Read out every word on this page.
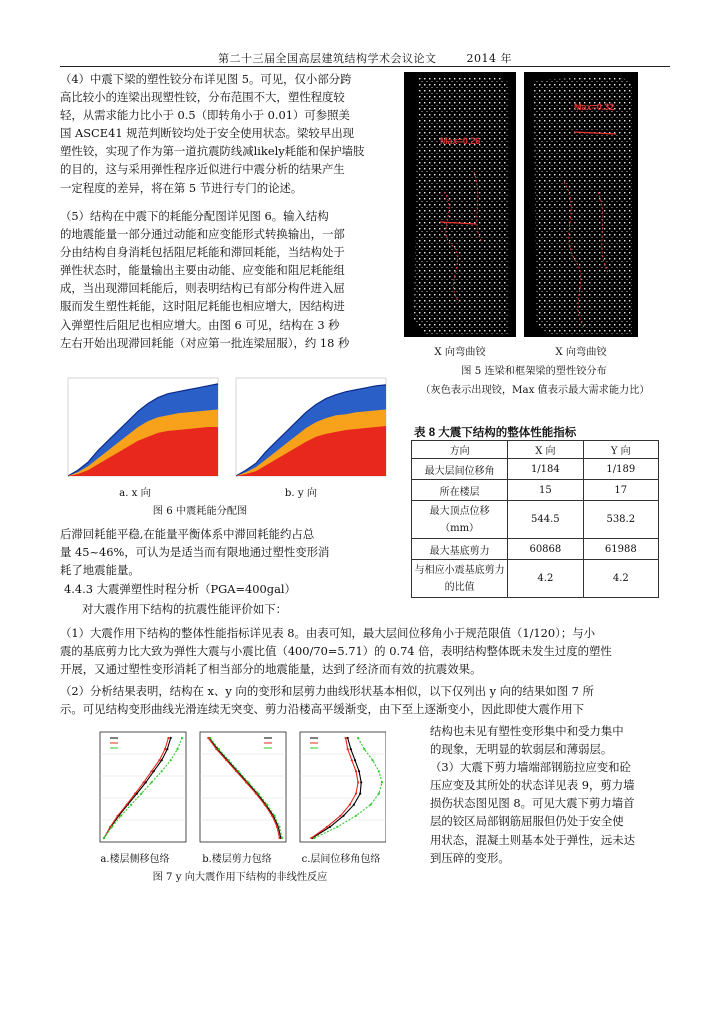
第二十三届全国高层建筑结构学术会议论文	2014 年
（4）中震下梁的塑性铰分布详见图 5。可见，仅小部分跨
高比较小的连梁出现塑性铰，分布范围不大，塑性程度较
轻，从需求能力比小于 0.5（即转角小于 0.01）可参照美
国 ASCE41 规范判断铰均处于安全使用状态。梁较早出现
塑性铰，实现了作为第一道抗震防线减likely耗能和保护墙肢
的目的，这与采用弹性程序近似进行中震分析的结果产生
一定程度的差异，将在第 5 节进行专门的论述。
（5）结构在中震下的耗能分配图详见图 6。输入结构
的地震能量一部分通过动能和应变能形式转换输出，一部
分由结构自身消耗包括阻尼耗能和滞回耗能，当结构处于
弹性状态时，能量输出主要由动能、应变能和阻尼耗能组
成，当出现滞回耗能后，则表明结构已有部分构件进入屈
服而发生塑性耗能，这时阻尼耗能也相应增大，因结构进
入弹塑性后阻尼也相应增大。由图 6 可见，结构在 3 秒
左右开始出现滞回耗能（对应第一批连梁屈服），约 18 秒
Max=0.26
Max=0.32
X 向弯曲铰	X 向弯曲铰
图 5 连梁和框架梁的塑性铰分布
（灰色表示出现铰，Max 值表示最大需求能力比）
a. x 向	b. y 向
图 6 中震耗能分配图
后滞回耗能平稳,在能量平衡体系中滞回耗能约占总
量 45~46%，可认为是适当而有限地通过塑性变形消
耗了地震能量。
4.4.3 大震弹塑性时程分析（PGA=400gal）
对大震作用下结构的抗震性能评价如下：
表 8 大震下结构的整体性能指标
方向	X 向	Y 向
最大层间位移角	1/184	1/189
所在楼层	15	17
最大顶点位移（mm）	544.5	538.2
最大基底剪力	60868	61988
与相应小震基底剪力的比值	4.2	4.2
（1）大震作用下结构的整体性能指标详见表 8。由表可知，最大层间位移角小于规范限值（1/120）；与小
震的基底剪力比大致为弹性大震与小震比值（400/70=5.71）的 0.74 倍，表明结构整体既未发生过度的塑性
开展，又通过塑性变形消耗了相当部分的地震能量，达到了经济而有效的抗震效果。
（2）分析结果表明，结构在 x、y 向的变形和层剪力曲线形状基本相似，以下仅列出 y 向的结果如图 7 所
示。可见结构变形曲线光滑连续无突变、剪力沿楼高平缓渐变，由下至上逐渐变小，因此即使大震作用下
a.楼层侧移包络	b.楼层剪力包络	c.层间位移角包络
图 7 y 向大震作用下结构的非线性反应
结构也未见有塑性变形集中和受力集中
的现象，无明显的软弱层和薄弱层。
（3）大震下剪力墙端部钢筋拉应变和砼
压应变及其所处的状态详见表 9，剪力墙
损伤状态图见图 8。可见大震下剪力墙首
层的铰区局部钢筋屈服但仍处于安全使
用状态，混凝土则基本处于弹性，远未达
到压碎的变形。
